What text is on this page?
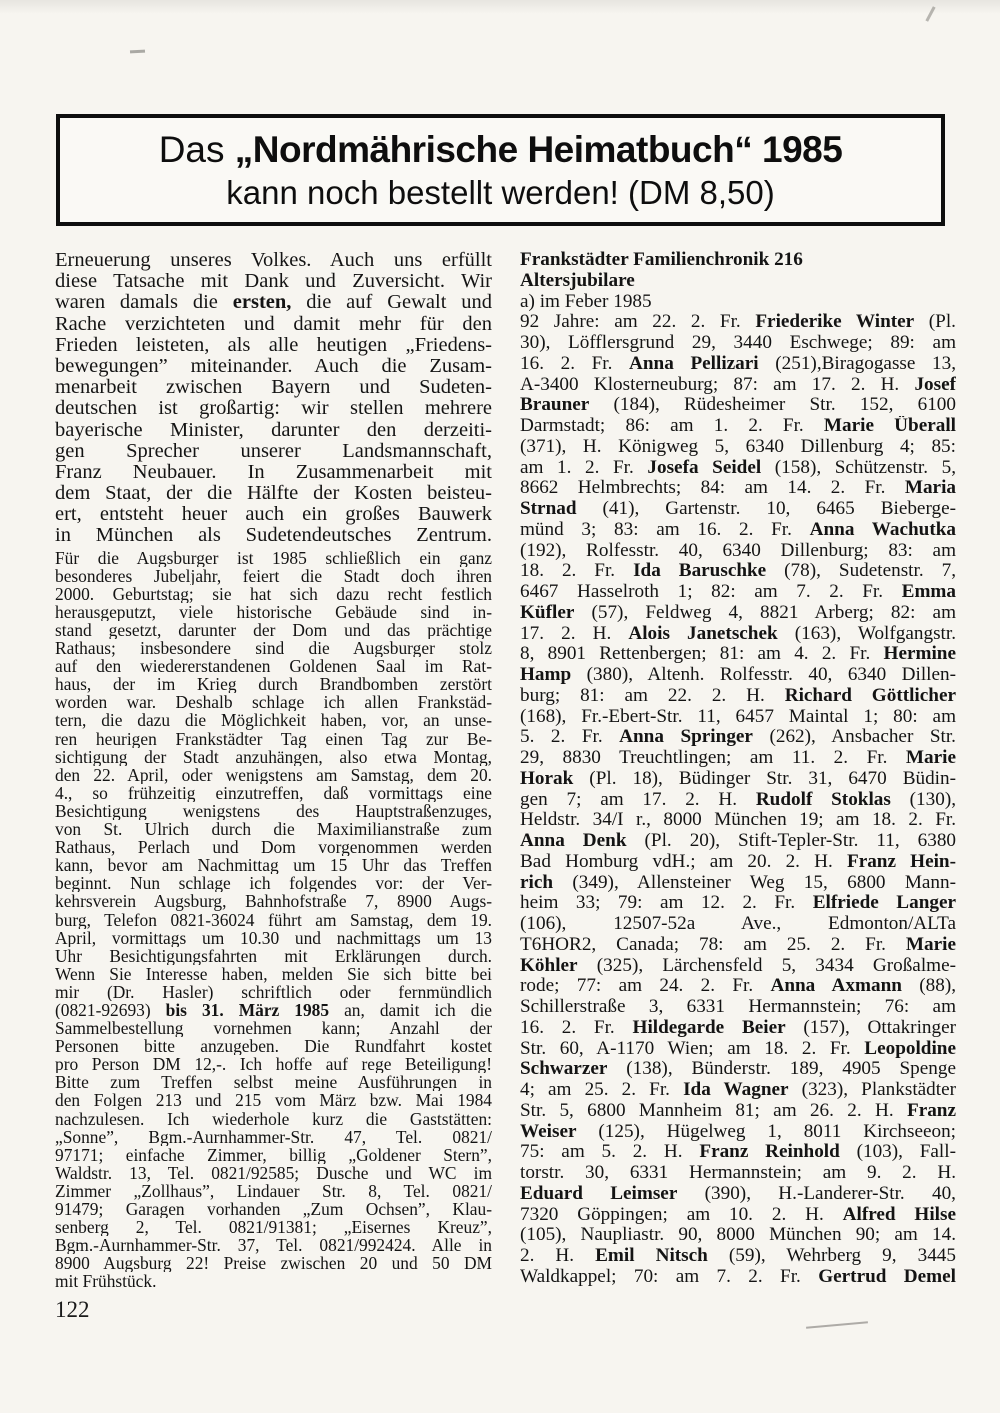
Das „Nordmährische Heimatbuch“ 1985
kann noch bestellt werden! (DM 8,50)
Erneuerung unseres Volkes. Auch uns erfüllt
diese Tatsache mit Dank und Zuversicht. Wir
waren damals die ersten, die auf Gewalt und
Rache verzichteten und damit mehr für den
Frieden leisteten, als alle heutigen „Friedens-
bewegungen” miteinander. Auch die Zusam-
menarbeit zwischen Bayern und Sudeten-
deutschen ist großartig: wir stellen mehrere
bayerische Minister, darunter den derzeiti-
gen Sprecher unserer Landsmannschaft,
Franz Neubauer. In Zusammenarbeit mit
dem Staat, der die Hälfte der Kosten beisteu-
ert, entsteht heuer auch ein großes Bauwerk
in München als Sudetendeutsches Zentrum.
Für die Augsburger ist 1985 schließlich ein ganz
besonderes Jubeljahr, feiert die Stadt doch ihren
2000. Geburtstag; sie hat sich dazu recht festlich
herausgeputzt, viele historische Gebäude sind in-
stand gesetzt, darunter der Dom und das prächtige
Rathaus; insbesondere sind die Augsburger stolz
auf den wiedererstandenen Goldenen Saal im Rat-
haus, der im Krieg durch Brandbomben zerstört
worden war. Deshalb schlage ich allen Frankstäd-
tern, die dazu die Möglichkeit haben, vor, an unse-
ren heurigen Frankstädter Tag einen Tag zur Be-
sichtigung der Stadt anzuhängen, also etwa Montag,
den 22. April, oder wenigstens am Samstag, dem 20.
4., so frühzeitig einzutreffen, daß vormittags eine
Besichtigung wenigstens des Hauptstraßenzuges,
von St. Ulrich durch die Maximilianstraße zum
Rathaus, Perlach und Dom vorgenommen werden
kann, bevor am Nachmittag um 15 Uhr das Treffen
beginnt. Nun schlage ich folgendes vor: der Ver-
kehrsverein Augsburg, Bahnhofstraße 7, 8900 Augs-
burg, Telefon 0821-36024 führt am Samstag, dem 19.
April, vormittags um 10.30 und nachmittags um 13
Uhr Besichtigungsfahrten mit Erklärungen durch.
Wenn Sie Interesse haben, melden Sie sich bitte bei
mir (Dr. Hasler) schriftlich oder fernmündlich
(0821-92693) bis 31. März 1985 an, damit ich die
Sammelbestellung vornehmen kann; Anzahl der
Personen bitte anzugeben. Die Rundfahrt kostet
pro Person DM 12,-. Ich hoffe auf rege Beteiligung!
Bitte zum Treffen selbst meine Ausführungen in
den Folgen 213 und 215 vom März bzw. Mai 1984
nachzulesen. Ich wiederhole kurz die Gaststätten:
„Sonne”, Bgm.-Aurnhammer-Str. 47, Tel. 0821/
97171; einfache Zimmer, billig „Goldener Stern”,
Waldstr. 13, Tel. 0821/92585; Dusche und WC im
Zimmer „Zollhaus”, Lindauer Str. 8, Tel. 0821/
91479; Garagen vorhanden „Zum Ochsen”, Klau-
senberg 2, Tel. 0821/91381; „Eisernes Kreuz”,
Bgm.-Aurnhammer-Str. 37, Tel. 0821/992424. Alle in
8900 Augsburg 22! Preise zwischen 20 und 50 DM
mit Frühstück.
Frankstädter Familienchronik 216
Altersjubilare
a) im Feber 1985
92 Jahre: am 22. 2. Fr. Friederike Winter (Pl.
30), Löfflersgrund 29, 3440 Eschwege; 89: am
16. 2. Fr. Anna Pellizari (251),Biragogasse 13,
A-3400 Klosterneuburg; 87: am 17. 2. H. Josef
Brauner (184), Rüdesheimer Str. 152, 6100
Darmstadt; 86: am 1. 2. Fr. Marie Überall
(371), H. Königweg 5, 6340 Dillenburg 4; 85:
am 1. 2. Fr. Josefa Seidel (158), Schützenstr. 5,
8662 Helmbrechts; 84: am 14. 2. Fr. Maria
Strnad (41), Gartenstr. 10, 6465 Bieberge-
münd 3; 83: am 16. 2. Fr. Anna Wachutka
(192), Rolfesstr. 40, 6340 Dillenburg; 83: am
18. 2. Fr. Ida Baruschke (78), Sudetenstr. 7,
6467 Hasselroth 1; 82: am 7. 2. Fr. Emma
Küfler (57), Feldweg 4, 8821 Arberg; 82: am
17. 2. H. Alois Janetschek (163), Wolfgangstr.
8, 8901 Rettenbergen; 81: am 4. 2. Fr. Hermine
Hamp (380), Altenh. Rolfesstr. 40, 6340 Dillen-
burg; 81: am 22. 2. H. Richard Göttlicher
(168), Fr.-Ebert-Str. 11, 6457 Maintal 1; 80: am
5. 2. Fr. Anna Springer (262), Ansbacher Str.
29, 8830 Treuchtlingen; am 11. 2. Fr. Marie
Horak (Pl. 18), Büdinger Str. 31, 6470 Büdin-
gen 7; am 17. 2. H. Rudolf Stoklas (130),
Heldstr. 34/I r., 8000 München 19; am 18. 2. Fr.
Anna Denk (Pl. 20), Stift-Tepler-Str. 11, 6380
Bad Homburg vdH.; am 20. 2. H. Franz Hein-
rich (349), Allensteiner Weg 15, 6800 Mann-
heim 33; 79: am 12. 2. Fr. Elfriede Langer
(106), 12507-52a Ave., Edmonton/ALTa
T6HOR2, Canada; 78: am 25. 2. Fr. Marie
Köhler (325), Lärchensfeld 5, 3434 Großalme-
rode; 77: am 24. 2. Fr. Anna Axmann (88),
Schillerstraße 3, 6331 Hermannstein; 76: am
16. 2. Fr. Hildegarde Beier (157), Ottakringer
Str. 60, A-1170 Wien; am 18. 2. Fr. Leopoldine
Schwarzer (138), Bünderstr. 189, 4905 Spenge
4; am 25. 2. Fr. Ida Wagner (323), Plankstädter
Str. 5, 6800 Mannheim 81; am 26. 2. H. Franz
Weiser (125), Hügelweg 1, 8011 Kirchseeon;
75: am 5. 2. H. Franz Reinhold (103), Fall-
torstr. 30, 6331 Hermannstein; am 9. 2. H.
Eduard Leimser (390), H.-Landerer-Str. 40,
7320 Göppingen; am 10. 2. H. Alfred Hilse
(105), Naupliastr. 90, 8000 München 90; am 14.
2. H. Emil Nitsch (59), Wehrberg 9, 3445
Waldkappel; 70: am 7. 2. Fr. Gertrud Demel
122
